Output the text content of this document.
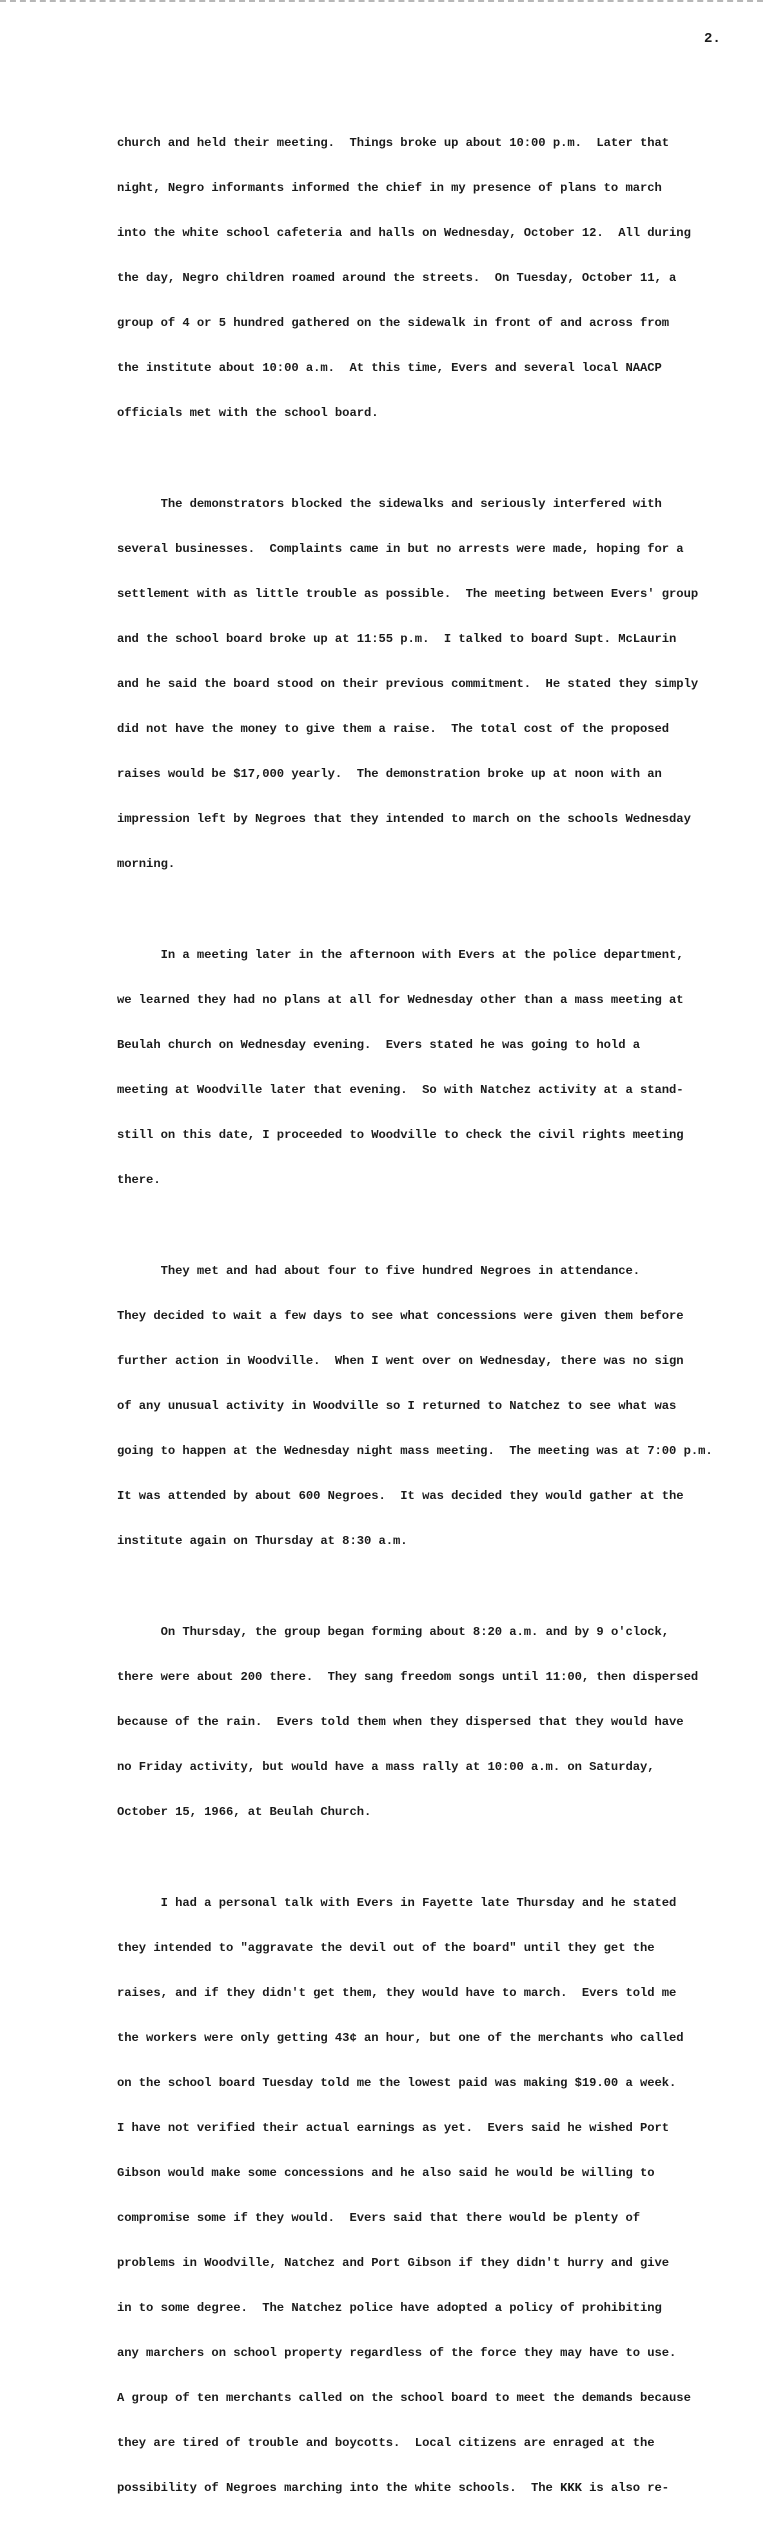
2.

church and held their meeting.  Things broke up about 10:00 p.m.  Later that

night, Negro informants informed the chief in my presence of plans to march

into the white school cafeteria and halls on Wednesday, October 12.  All during

the day, Negro children roamed around the streets.  On Tuesday, October 11, a

group of 4 or 5 hundred gathered on the sidewalk in front of and across from

the institute about 10:00 a.m.  At this time, Evers and several local NAACP

officials met with the school board.

The demonstrators blocked the sidewalks and seriously interfered with

several businesses.  Complaints came in but no arrests were made, hoping for a

settlement with as little trouble as possible.  The meeting between Evers' group

and the school board broke up at 11:55 p.m.  I talked to board Supt. McLaurin

and he said the board stood on their previous commitment.  He stated they simply

did not have the money to give them a raise.  The total cost of the proposed

raises would be $17,000 yearly.  The demonstration broke up at noon with an

impression left by Negroes that they intended to march on the schools Wednesday

morning.

In a meeting later in the afternoon with Evers at the police department,

we learned they had no plans at all for Wednesday other than a mass meeting at

Beulah church on Wednesday evening.  Evers stated he was going to hold a

meeting at Woodville later that evening.  So with Natchez activity at a stand-

still on this date, I proceeded to Woodville to check the civil rights meeting

there.

They met and had about four to five hundred Negroes in attendance.

They decided to wait a few days to see what concessions were given them before

further action in Woodville.  When I went over on Wednesday, there was no sign

of any unusual activity in Woodville so I returned to Natchez to see what was

going to happen at the Wednesday night mass meeting.  The meeting was at 7:00 p.m.

It was attended by about 600 Negroes.  It was decided they would gather at the

institute again on Thursday at 8:30 a.m.

On Thursday, the group began forming about 8:20 a.m. and by 9 o'clock,

there were about 200 there.  They sang freedom songs until 11:00, then dispersed

because of the rain.  Evers told them when they dispersed that they would have

no Friday activity, but would have a mass rally at 10:00 a.m. on Saturday,

October 15, 1966, at Beulah Church.

I had a personal talk with Evers in Fayette late Thursday and he stated

they intended to "aggravate the devil out of the board" until they get the

raises, and if they didn't get them, they would have to march.  Evers told me

the workers were only getting 43¢ an hour, but one of the merchants who called

on the school board Tuesday told me the lowest paid was making $19.00 a week.

I have not verified their actual earnings as yet.  Evers said he wished Port

Gibson would make some concessions and he also said he would be willing to

compromise some if they would.  Evers said that there would be plenty of

problems in Woodville, Natchez and Port Gibson if they didn't hurry and give

in to some degree.  The Natchez police have adopted a policy of prohibiting

any marchers on school property regardless of the force they may have to use.

A group of ten merchants called on the school board to meet the demands because

they are tired of trouble and boycotts.  Local citizens are enraged at the

possibility of Negroes marching into the white schools.  The KKK is also re-
